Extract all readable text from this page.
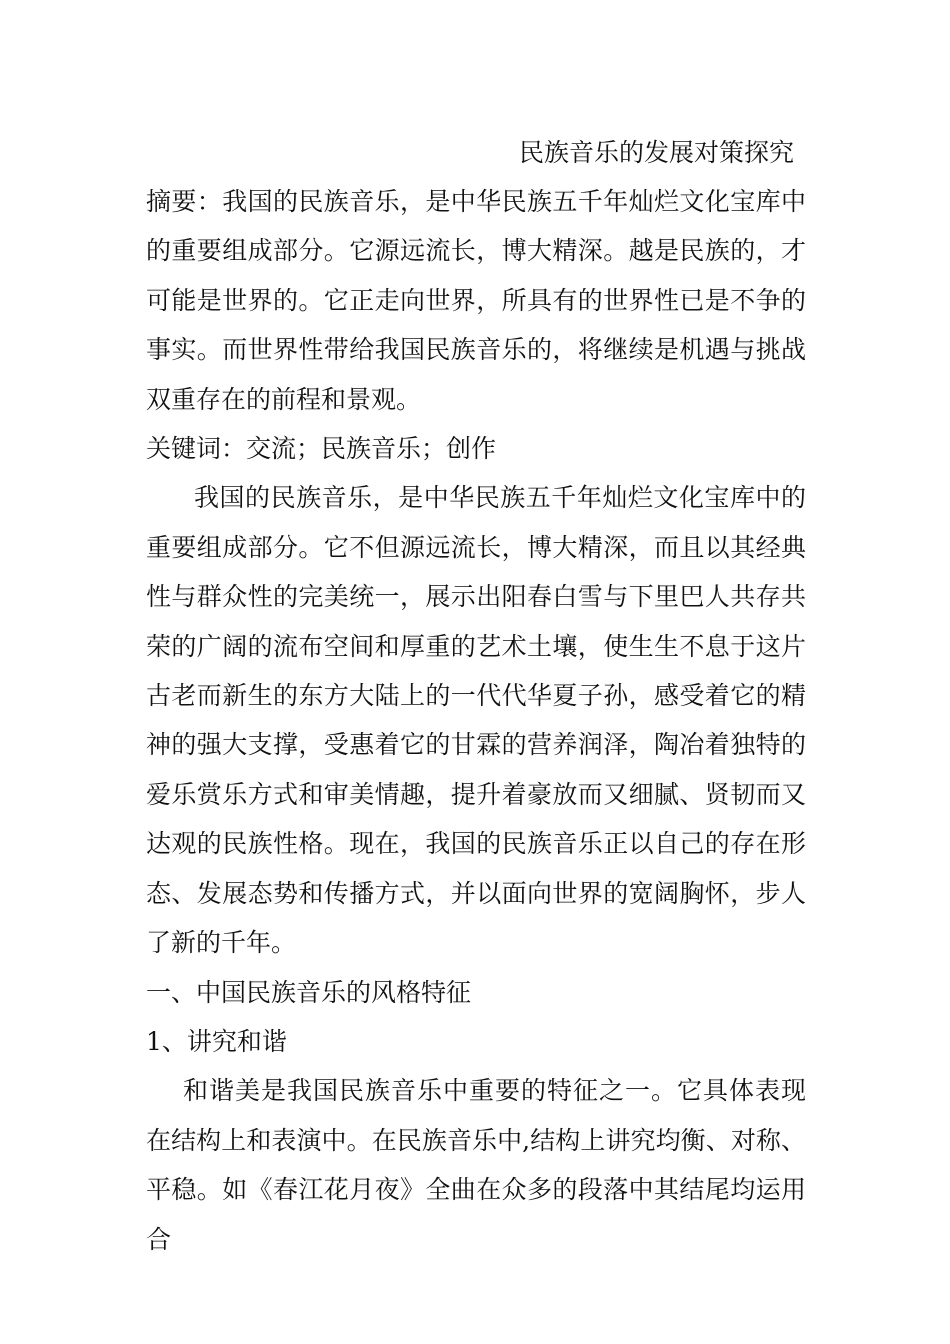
民族音乐的发展对策探究

摘要：我国的民族音乐，是中华民族五千年灿烂文化宝库中的重要组成部分。它源远流长，博大精深。越是民族的，才可能是世界的。它正走向世界，所具有的世界性已是不争的事实。而世界性带给我国民族音乐的，将继续是机遇与挑战双重存在的前程和景观。

关键词：交流；民族音乐；创作

我国的民族音乐，是中华民族五千年灿烂文化宝库中的重要组成部分。它不但源远流长，博大精深，而且以其经典性与群众性的完美统一，展示出阳春白雪与下里巴人共存共荣的广阔的流布空间和厚重的艺术土壤，使生生不息于这片古老而新生的东方大陆上的一代代华夏子孙，感受着它的精神的强大支撑，受惠着它的甘霖的营养润泽，陶冶着独特的爱乐赏乐方式和审美情趣，提升着豪放而又细腻、贤韧而又达观的民族性格。现在，我国的民族音乐正以自己的存在形态、发展态势和传播方式，并以面向世界的宽阔胸怀，步人了新的千年。

一、中国民族音乐的风格特征

1、讲究和谐

和谐美是我国民族音乐中重要的特征之一。它具体表现在结构上和表演中。在民族音乐中,结构上讲究均衡、对称、平稳。如《春江花月夜》全曲在众多的段落中其结尾均运用合
